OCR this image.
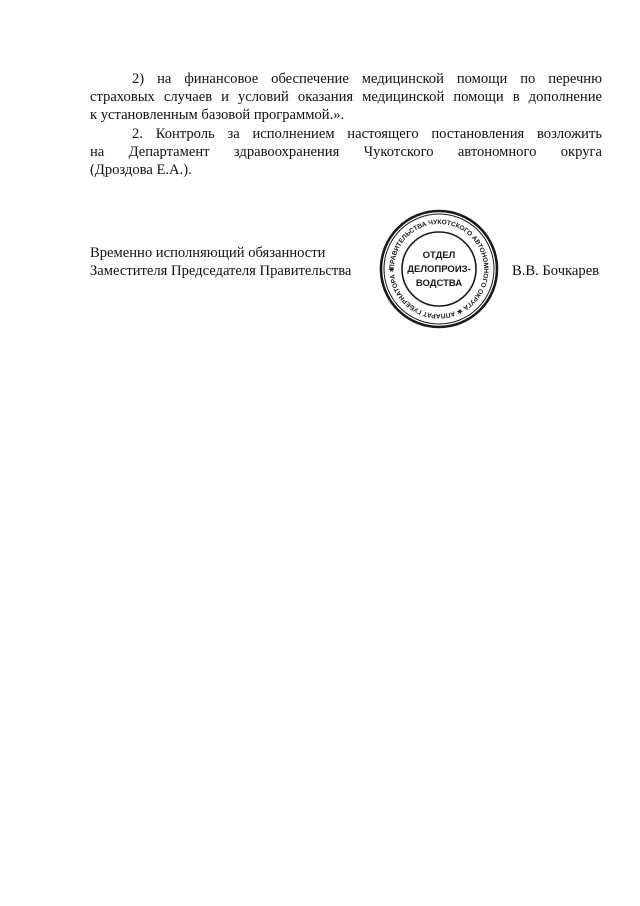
2) на финансовое обеспечение медицинской помощи по перечню
страховых случаев и условий оказания медицинской помощи в дополнение
к установленным базовой программой.».

2. Контроль за исполнением настоящего постановления возложить
на Департамент здравоохранения Чукотского автономного округа
(Дроздова Е.А.).

Временно исполняющий обязанности
Заместителя Председателя Правительства	ПРАВИТЕЛЬСТВА ЧУКОТСКОГО АВТОНОМНОГО ОКРУГА ✱ АППАРАТ ГУБЕРНАТОРА ✱
ОТДЕЛ
ДЕЛОПРОИЗ-
ВОДСТВА
В.В. Бочкарев
